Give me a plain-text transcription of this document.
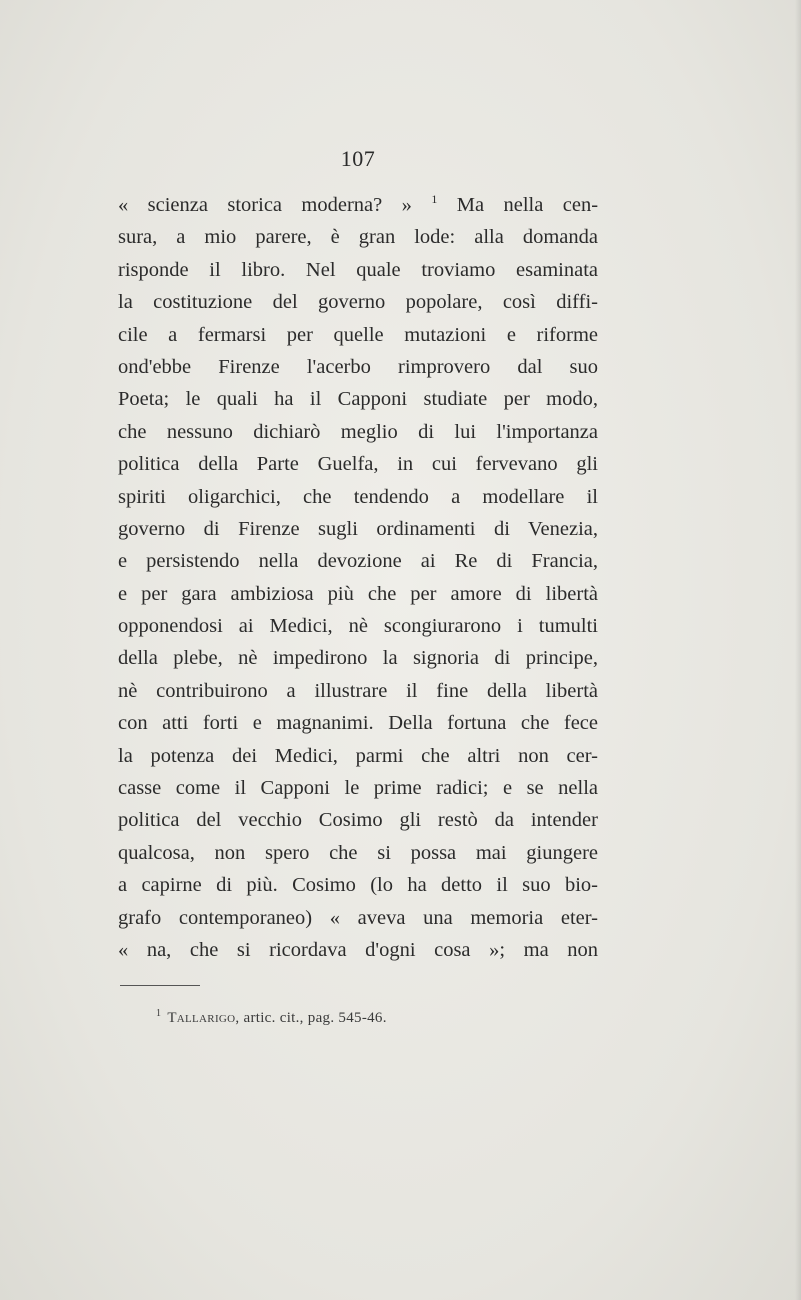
107
« scienza storica moderna? » $^1$ Ma nella cen-
sura, a mio parere, è gran lode: alla domanda
risponde il libro. Nel quale troviamo esaminata
la costituzione del governo popolare, così diffi-
cile a fermarsi per quelle mutazioni e riforme
ond'ebbe Firenze l'acerbo rimprovero dal suo
Poeta; le quali ha il Capponi studiate per modo,
che nessuno dichiarò meglio di lui l'importanza
politica della Parte Guelfa, in cui fervevano gli
spiriti oligarchici, che tendendo a modellare il
governo di Firenze sugli ordinamenti di Venezia,
e persistendo nella devozione ai Re di Francia,
e per gara ambiziosa più che per amore di libertà
opponendosi ai Medici, nè scongiurarono i tumulti
della plebe, nè impedirono la signoria di principe,
nè contribuirono a illustrare il fine della libertà
con atti forti e magnanimi. Della fortuna che fece
la potenza dei Medici, parmi che altri non cer-
casse come il Capponi le prime radici; e se nella
politica del vecchio Cosimo gli restò da intender
qualcosa, non spero che si possa mai giungere
a capirne di più. Cosimo (lo ha detto il suo bio-
grafo contemporaneo) « aveva una memoria eter-
« na, che si ricordava d'ogni cosa »; ma non
$^1$ Tallarigo, artic. cit., pag. 545-46.
